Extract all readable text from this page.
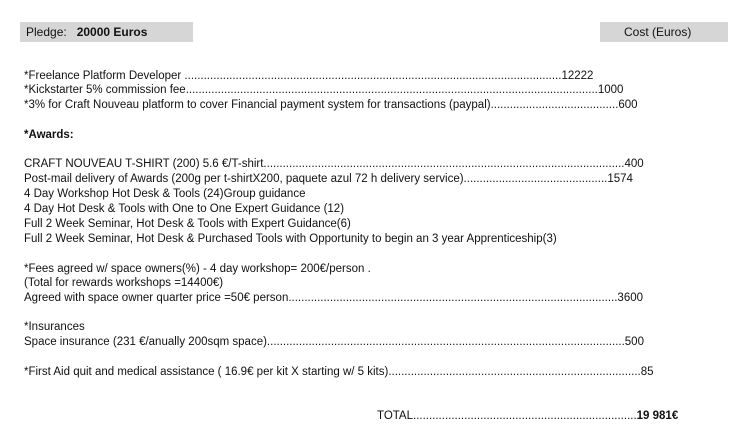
Pledge: 20000 Euros	Cost (Euros)
*Freelance Platform Developer ......................................................................................................................12222
*Kickstarter 5% commission fee.................................................................................................................................1000
*3% for Craft Nouveau platform to cover Financial payment system for transactions (paypal)........................................600
*Awards:
CRAFT NOUVEAU T-SHIRT (200) 5.6 €/T-shirt.................................................................................................................400
Post-mail delivery of Awards (200g per t-shirtX200, paquete azul 72 h delivery service).............................................1574
4 Day Workshop Hot Desk & Tools (24)Group guidance
4 Day Hot Desk & Tools with One to One Expert Guidance (12)
Full 2 Week Seminar, Hot Desk & Tools with Expert Guidance(6)
Full 2 Week Seminar, Hot Desk & Purchased Tools with Opportunity to begin an 3 year Apprenticeship(3)
*Fees agreed w/ space owners(%) - 4 day workshop= 200€/person .
(Total for rewards workshops =14400€)
Agreed with space owner quarter price =50€ person.......................................................................................................3600
*Insurances
Space insurance (231 €/anually 200sqm space)................................................................................................................500
*First Aid quit and medical assistance ( 16.9€ per kit X starting w/ 5 kits)...............................................................................85
TOTAL......................................................................19 981€
